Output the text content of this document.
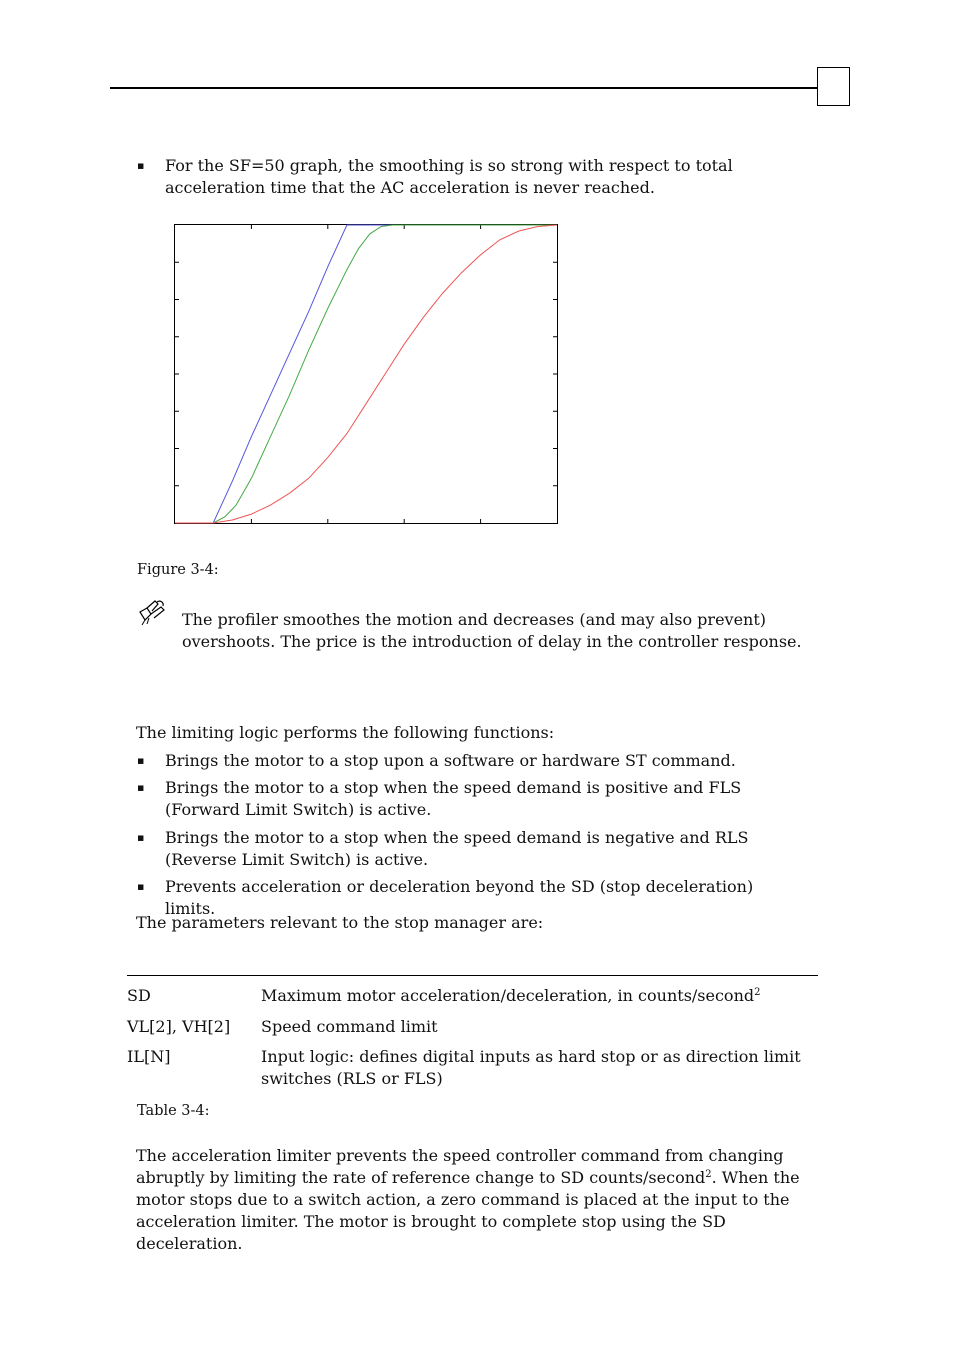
▪ For the SF=50 graph, the smoothing is so strong with respect to total acceleration time that the AC acceleration is never reached.
Figure 3-4:
The profiler smoothes the motion and decreases (and may also prevent) overshoots. The price is the introduction of delay in the controller response.
The limiting logic performs the following functions:
▪ Brings the motor to a stop upon a software or hardware ST command.
▪ Brings the motor to a stop when the speed demand is positive and FLS (Forward Limit Switch) is active.
▪ Brings the motor to a stop when the speed demand is negative and RLS (Reverse Limit Switch) is active.
▪ Prevents acceleration or deceleration beyond the SD (stop deceleration) limits.
The parameters relevant to the stop manager are:
SD	Maximum motor acceleration/deceleration, in counts/second$^2$
VL[2], VH[2] Speed command limit
IL[N]	Input logic: defines digital inputs as hard stop or as direction limit switches (RLS or FLS)
Table 3-4:
The acceleration limiter prevents the speed controller command from changing abruptly by limiting the rate of reference change to SD counts/second$^2$. When the motor stops due to a switch action, a zero command is placed at the input to the acceleration limiter. The motor is brought to complete stop using the SD deceleration.
